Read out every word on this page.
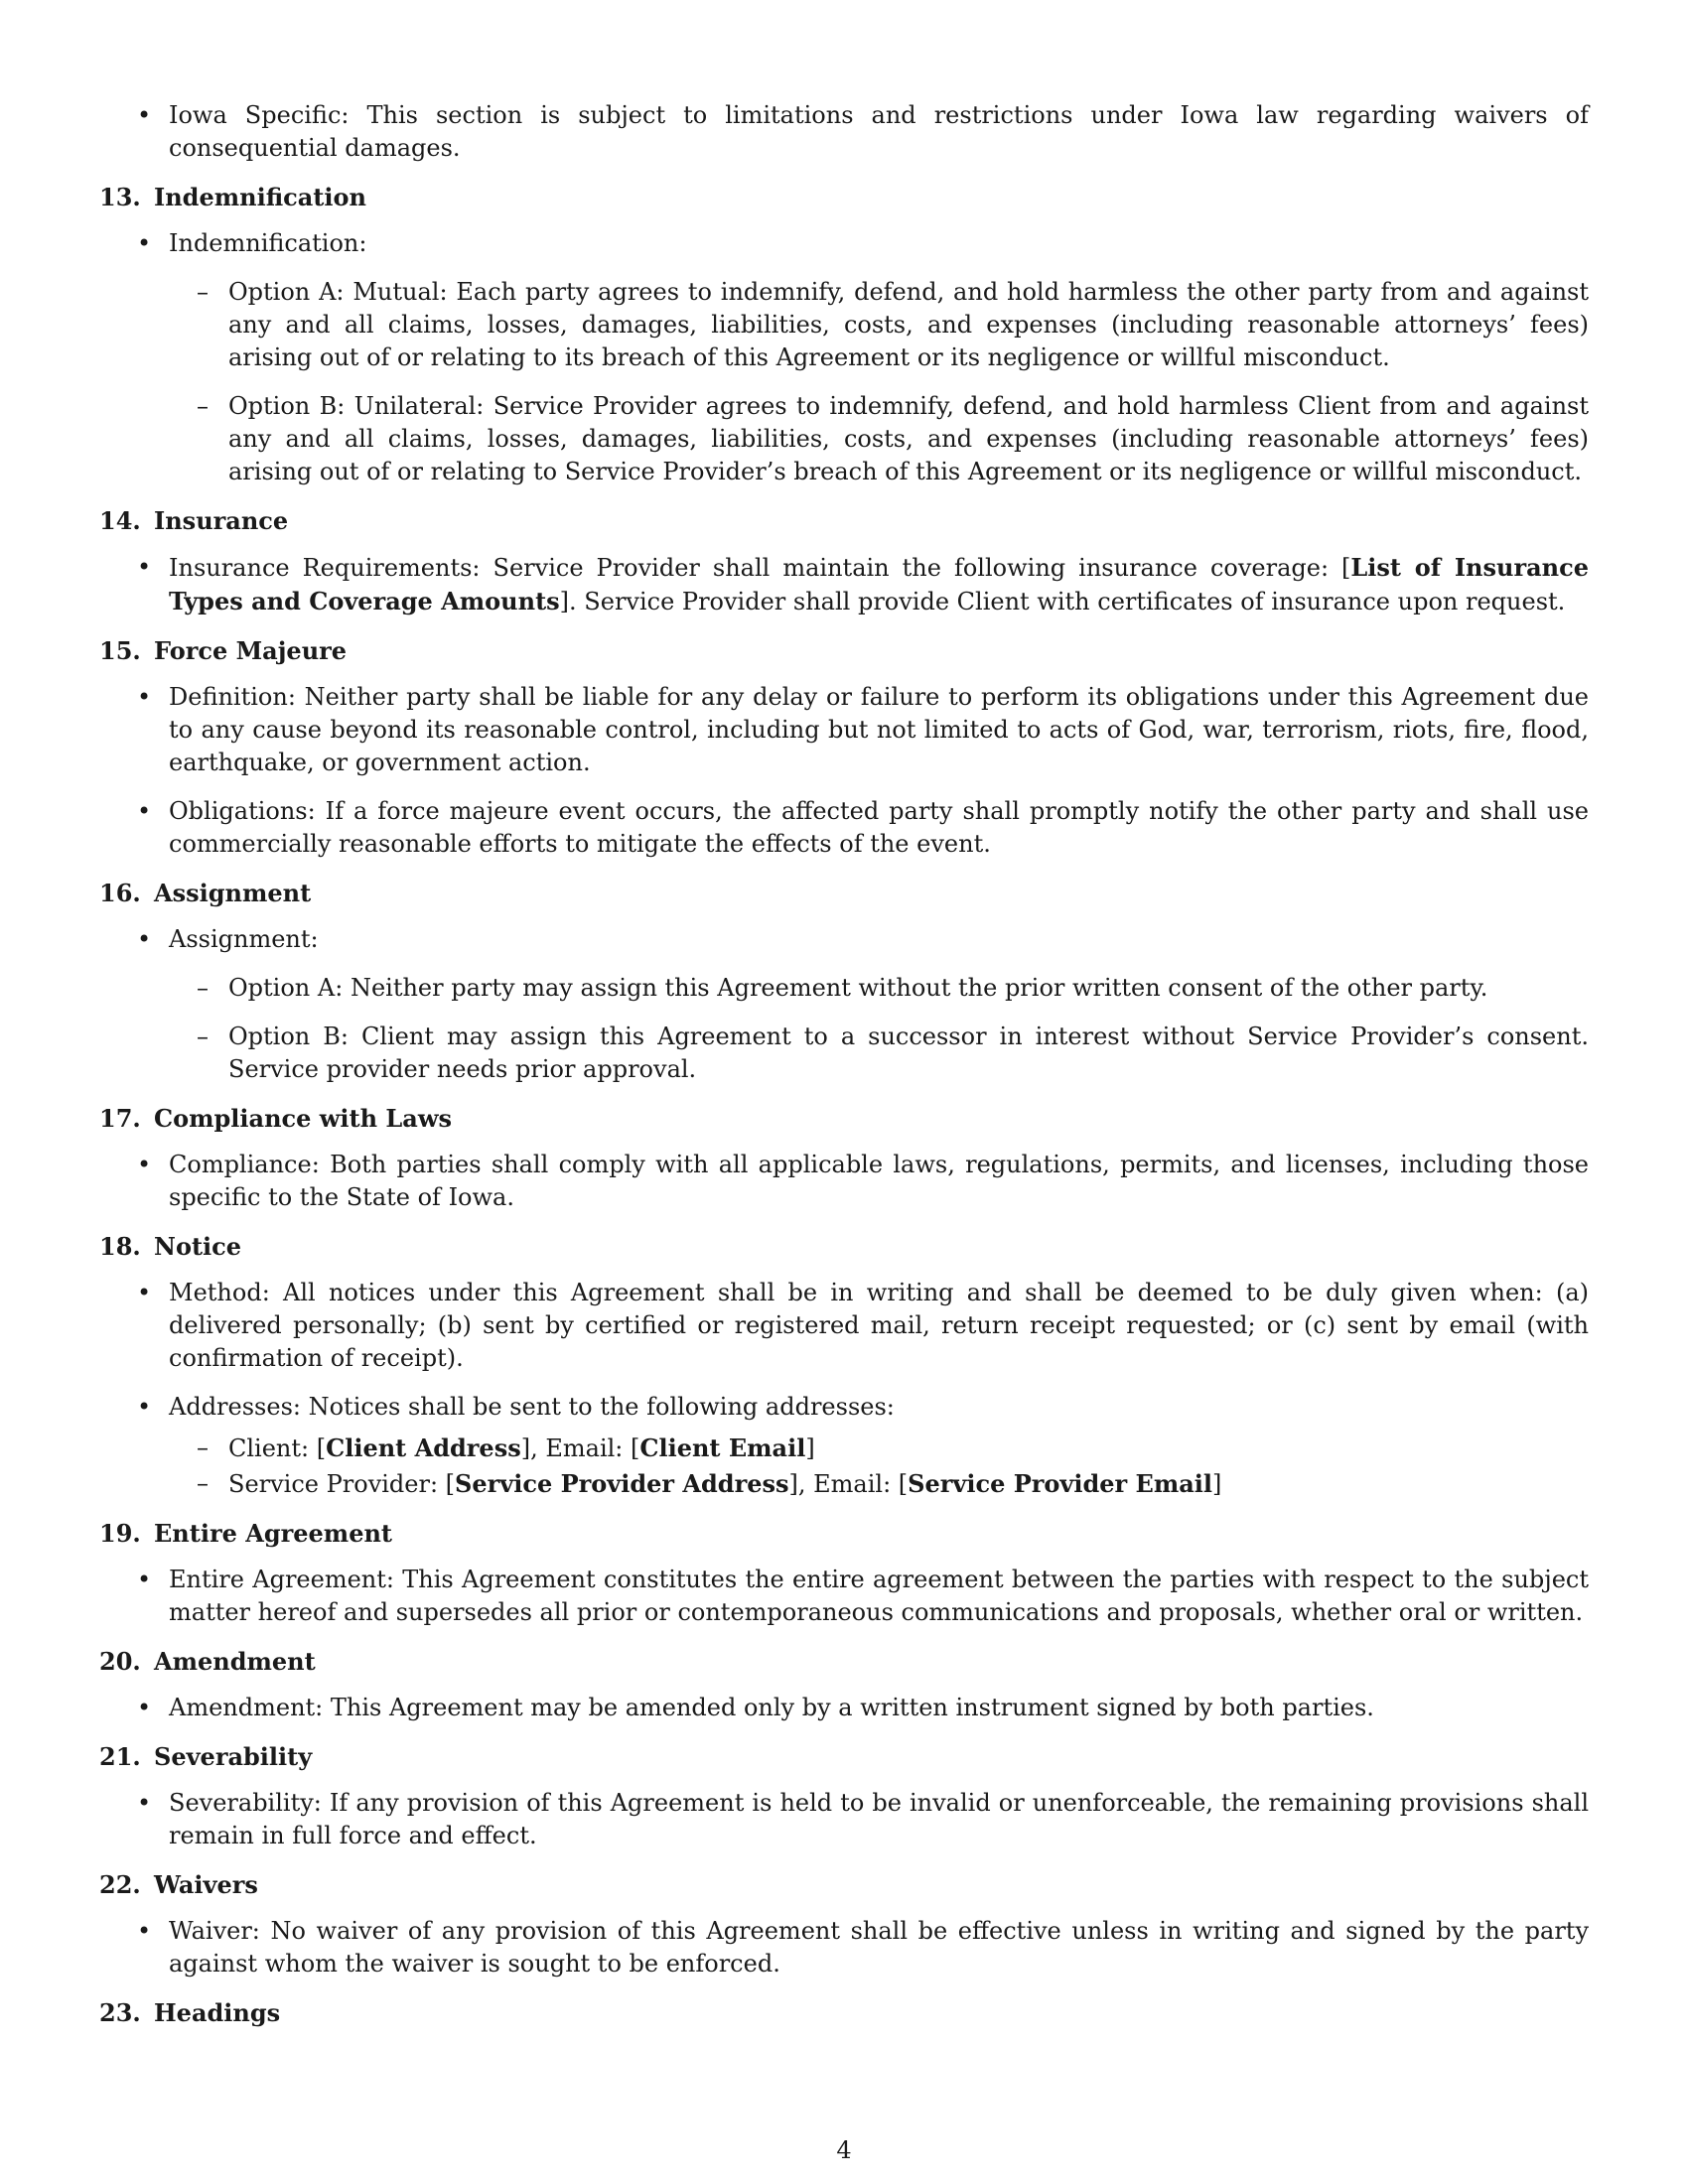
• Iowa Specific: This section is subject to limitations and restrictions under Iowa law regarding waivers of consequential damages.
13. Indemnification
• Indemnification:
– Option A: Mutual: Each party agrees to indemnify, defend, and hold harmless the other party from and against any and all claims, losses, damages, liabilities, costs, and expenses (including reasonable attorneys’ fees) arising out of or relating to its breach of this Agreement or its negligence or willful misconduct.
– Option B: Unilateral: Service Provider agrees to indemnify, defend, and hold harmless Client from and against any and all claims, losses, damages, liabilities, costs, and expenses (including reasonable attorneys’ fees) arising out of or relating to Service Provider’s breach of this Agreement or its negligence or willful misconduct.
14. Insurance
• Insurance Requirements: Service Provider shall maintain the following insurance coverage: [List of Insurance Types and Coverage Amounts]. Service Provider shall provide Client with certificates of insurance upon request.
15. Force Majeure
• Definition: Neither party shall be liable for any delay or failure to perform its obligations under this Agreement due to any cause beyond its reasonable control, including but not limited to acts of God, war, terrorism, riots, fire, flood, earthquake, or government action.
• Obligations: If a force majeure event occurs, the affected party shall promptly notify the other party and shall use commercially reasonable efforts to mitigate the effects of the event.
16. Assignment
• Assignment:
– Option A: Neither party may assign this Agreement without the prior written consent of the other party.
– Option B: Client may assign this Agreement to a successor in interest without Service Provider’s consent. Service provider needs prior approval.
17. Compliance with Laws
• Compliance: Both parties shall comply with all applicable laws, regulations, permits, and licenses, including those specific to the State of Iowa.
18. Notice
• Method: All notices under this Agreement shall be in writing and shall be deemed to be duly given when: (a) delivered personally; (b) sent by certified or registered mail, return receipt requested; or (c) sent by email (with confirmation of receipt).
• Addresses: Notices shall be sent to the following addresses:
– Client: [Client Address], Email: [Client Email]
– Service Provider: [Service Provider Address], Email: [Service Provider Email]
19. Entire Agreement
• Entire Agreement: This Agreement constitutes the entire agreement between the parties with respect to the subject matter hereof and supersedes all prior or contemporaneous communications and proposals, whether oral or written.
20. Amendment
• Amendment: This Agreement may be amended only by a written instrument signed by both parties.
21. Severability
• Severability: If any provision of this Agreement is held to be invalid or unenforceable, the remaining provisions shall remain in full force and effect.
22. Waivers
• Waiver: No waiver of any provision of this Agreement shall be effective unless in writing and signed by the party against whom the waiver is sought to be enforced.
23. Headings
4
